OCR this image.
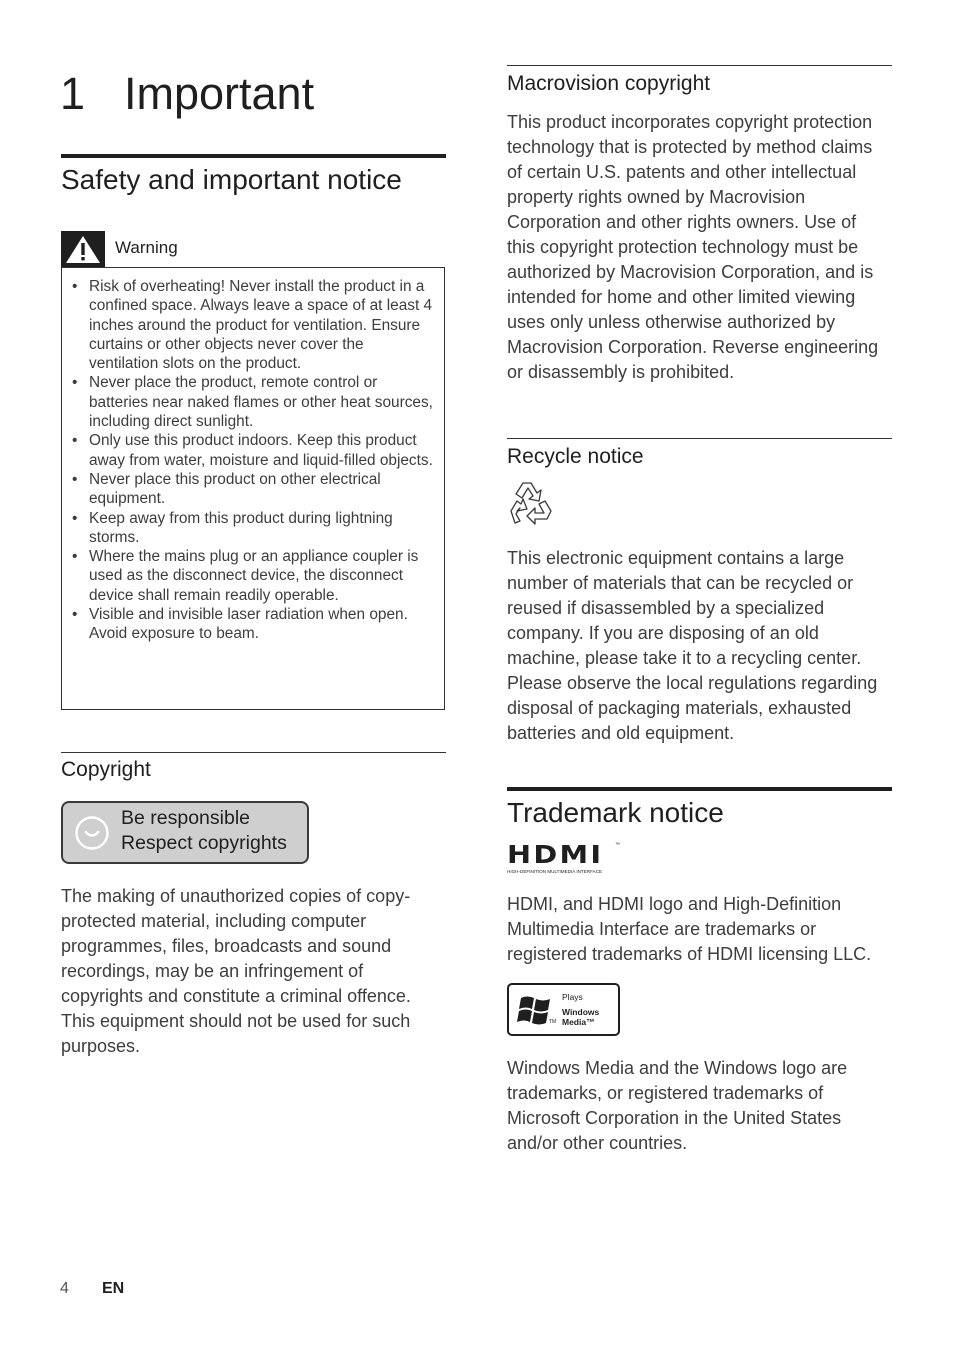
1 Important
Safety and important notice
Warning
• Risk of overheating! Never install the product in a confined space. Always leave a space of at least 4 inches around the product for ventilation. Ensure curtains or other objects never cover the ventilation slots on the product.
• Never place the product, remote control or batteries near naked flames or other heat sources, including direct sunlight.
• Only use this product indoors. Keep this product away from water, moisture and liquid-filled objects.
• Never place this product on other electrical equipment.
• Keep away from this product during lightning storms.
• Where the mains plug or an appliance coupler is used as the disconnect device, the disconnect device shall remain readily operable.
• Visible and invisible laser radiation when open. Avoid exposure to beam.
Copyright
Be responsible
Respect copyrights

The making of unauthorized copies of copy-protected material, including computer programmes, files, broadcasts and sound recordings, may be an infringement of copyrights and constitute a criminal offence. This equipment should not be used for such purposes.

Macrovision copyright

This product incorporates copyright protection technology that is protected by method claims of certain U.S. patents and other intellectual property rights owned by Macrovision Corporation and other rights owners. Use of this copyright protection technology must be authorized by Macrovision Corporation, and is intended for home and other limited viewing uses only unless otherwise authorized by Macrovision Corporation. Reverse engineering or disassembly is prohibited.

Recycle notice

This electronic equipment contains a large number of materials that can be recycled or reused if disassembled by a specialized company. If you are disposing of an old machine, please take it to a recycling center. Please observe the local regulations regarding disposal of packaging materials, exhausted batteries and old equipment.

Trademark notice
HDMI
HIGH-DEFINITION MULTIMEDIA INTERFACE
™

HDMI, and HDMI logo and High-Definition Multimedia Interface are trademarks or registered trademarks of HDMI licensing LLC.

Plays
Windows
Media™
TM

Windows Media and the Windows logo are trademarks, or registered trademarks of Microsoft Corporation in the United States and/or other countries.

4 EN
